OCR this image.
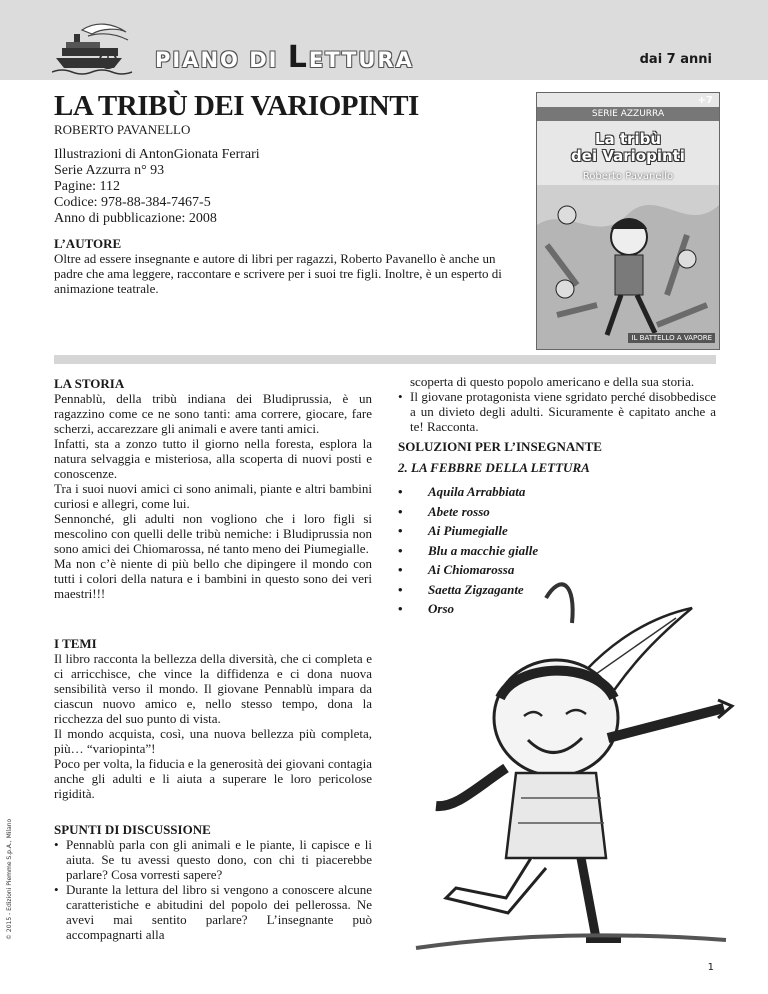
PIANO DI LETTURA	dai 7 anni
LA TRIBÙ DEI VARIOPINTI
ROBERTO PAVANELLO
Illustrazioni di AntonGionata Ferrari
Serie Azzurra n° 93
Pagine: 112
Codice: 978-88-384-7467-5
Anno di pubblicazione: 2008
+7
SERIE AZZURRA
La tribù
dei Variopinti
Roberto Pavanello
IL BATTELLO A VAPORE
L’AUTORE

Oltre ad essere insegnante e autore di libri per ragazzi, Roberto Pavanello è anche un padre che ama leggere, raccontare e scrivere per i suoi tre figli. Inoltre, è un esperto di animazione teatrale.

LA STORIA

Pennablù, della tribù indiana dei Bludiprussia, è un ragazzino come ce ne sono tanti: ama correre, giocare, fare scherzi, accarezzare gli animali e avere tanti amici.

Infatti, sta a zonzo tutto il giorno nella foresta, esplora la natura selvaggia e misteriosa, alla scoperta di nuovi posti e conoscenze.

Tra i suoi nuovi amici ci sono animali, piante e altri bambini curiosi e allegri, come lui.

Sennonché, gli adulti non vogliono che i loro figli si mescolino con quelli delle tribù nemiche: i Bludiprussia non sono amici dei Chiomarossa, né tanto meno dei Piumegialle.

Ma non c’è niente di più bello che dipingere il mondo con tutti i colori della natura e i bambini in questo sono dei veri maestri!!!

I TEMI

Il libro racconta la bellezza della diversità, che ci completa e ci arricchisce, che vince la diffidenza e ci dona nuova sensibilità verso il mondo. Il giovane Pennablù impara da ciascun nuovo amico e, nello stesso tempo, dona la ricchezza del suo punto di vista.

Il mondo acquista, così, una nuova bellezza più completa, più… “variopinta”!

Poco per volta, la fiducia e la generosità dei giovani contagia anche gli adulti e li aiuta a superare le loro pericolose rigidità.

SPUNTI DI DISCUSSIONE
• Pennablù parla con gli animali e le piante, li capisce e li aiuta. Se tu avessi questo dono, con chi ti piacerebbe parlare? Cosa vorresti sapere?
• Durante la lettura del libro si vengono a conoscere alcune caratteristiche e abitudini del popolo dei pellerossa. Ne avevi mai sentito parlare? L’insegnante può accompagnarti alla

scoperta di questo popolo americano e della sua storia.

• Il giovane protagonista viene sgridato perché disobbedisce a un divieto degli adulti. Sicuramente è capitato anche a te! Racconta.
SOLUZIONI PER L’INSEGNANTE
2. LA FEBBRE DELLA LETTURA
• Aquila Arrabbiata
• Abete rosso
• Ai Piumegialle
• Blu a macchie gialle
• Ai Chiomarossa
• Saetta Zigzagante
• Orso
© 2015 - Edizioni Piemme S.p.A., Milano
1
